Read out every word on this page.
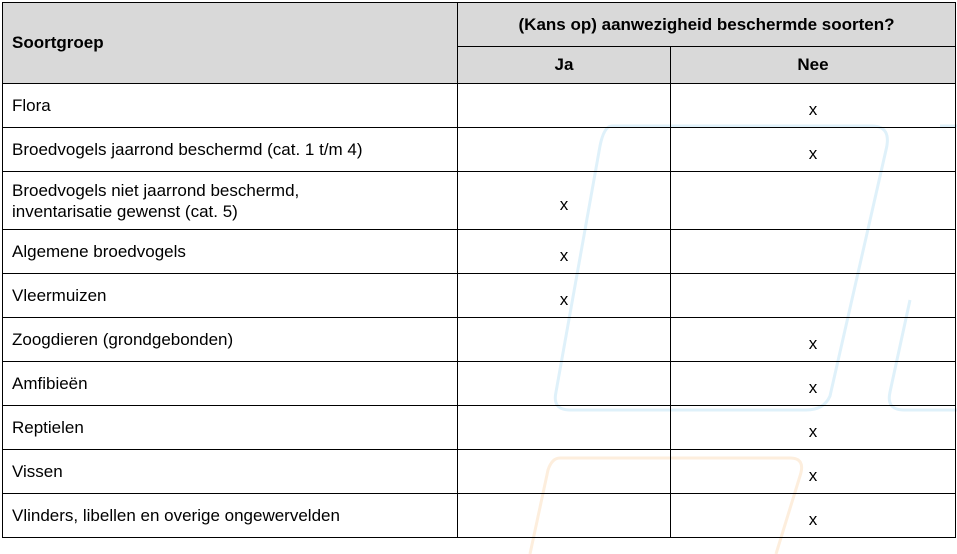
Soortgroep	(Kans op) aanwezigheid beschermde soorten?	
	Ja	Nee
Flora		x
Broedvogels jaarrond beschermd (cat. 1 t/m 4)		x
Broedvogels niet jaarrond beschermd,
inventarisatie gewenst (cat. 5)	x	
Algemene broedvogels	x	
Vleermuizen	x	
Zoogdieren (grondgebonden)		x
Amfibieën		x
Reptielen		x
Vissen		x
Vlinders, libellen en overige ongewervelden		x
